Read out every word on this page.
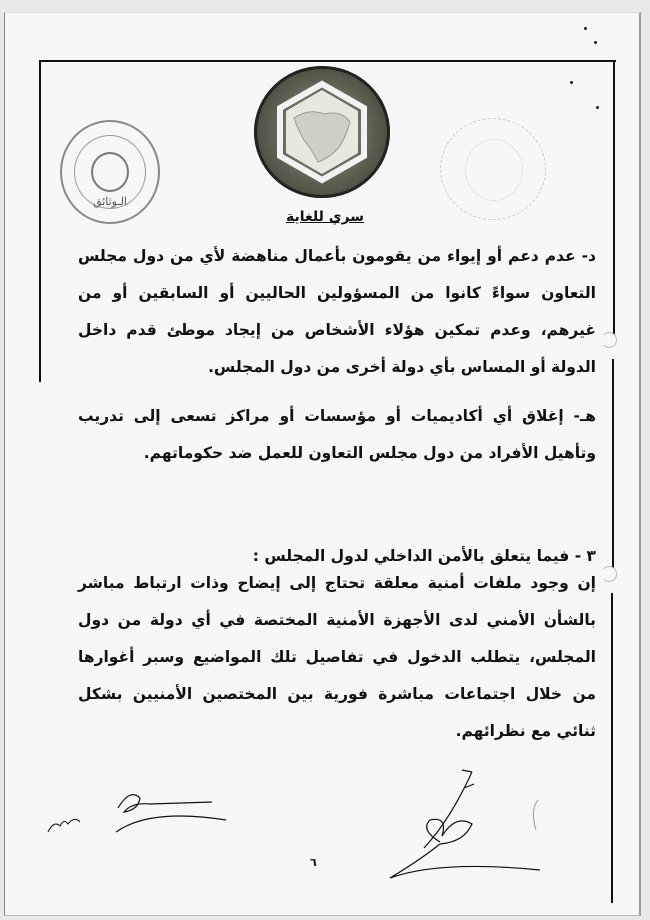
الـوثائق
سري للغاية
د- عدم دعم أو إيواء من يقومون بأعمال مناهضة لأي من دول مجلس التعاون سواءً كانوا من المسؤولين الحاليين أو السابقين أو من غيرهم، وعدم تمكين هؤلاء الأشخاص من إيجاد موطئ قدم داخل الدولة أو المساس بأي دولة أخرى من دول المجلس.
هـ- إغلاق أي أكاديميات أو مؤسسات أو مراكز تسعى إلى تدريب وتأهيل الأفراد من دول مجلس التعاون للعمل ضد حكوماتهم.
٣ - فيما يتعلق بالأمن الداخلي لدول المجلس :
إن وجود ملفات أمنية معلقة تحتاج إلى إيضاح وذات ارتباط مباشر بالشأن الأمني لدى الأجهزة الأمنية المختصة في أي دولة من دول المجلس، يتطلب الدخول في تفاصيل تلك المواضيع وسبر أغوارها من خلال اجتماعات مباشرة فورية بين المختصين الأمنيين بشكل ثنائي مع نظرائهم.
٦
